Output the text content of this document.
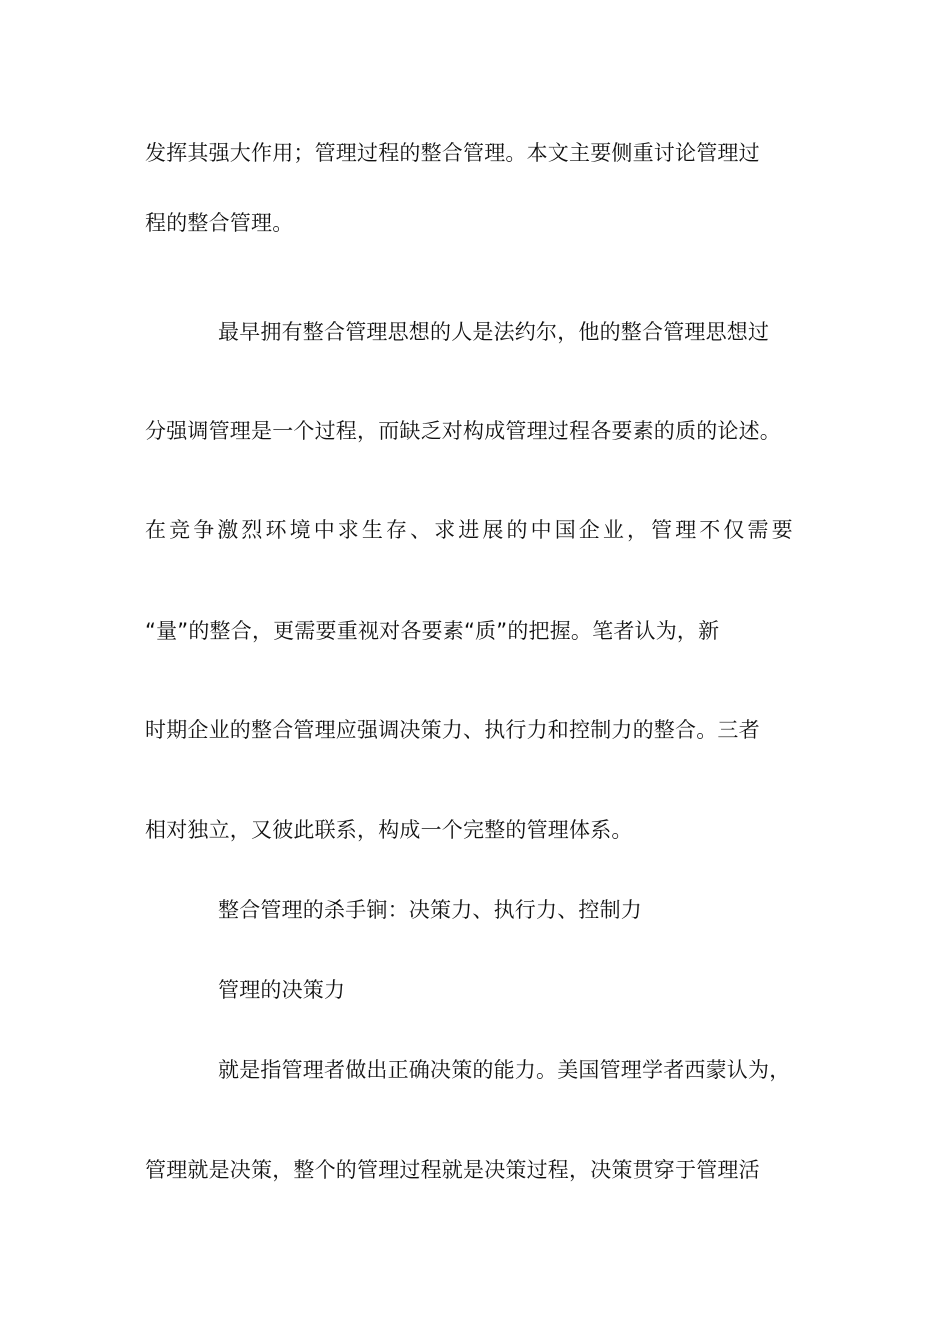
发挥其强大作用；管理过程的整合管理。本文主要侧重讨论管理过
程的整合管理。
最早拥有整合管理思想的人是法约尔，他的整合管理思想过
分强调管理是一个过程，而缺乏对构成管理过程各要素的质的论述。
在竞争激烈环境中求生存、求进展的中国企业，管理不仅需要
“量”的整合，更需要重视对各要素“质”的把握。笔者认为，新
时期企业的整合管理应强调决策力、执行力和控制力的整合。三者
相对独立，又彼此联系，构成一个完整的管理体系。
整合管理的杀手锏：决策力、执行力、控制力
管理的决策力
就是指管理者做出正确决策的能力。美国管理学者西蒙认为，
管理就是决策，整个的管理过程就是决策过程，决策贯穿于管理活
